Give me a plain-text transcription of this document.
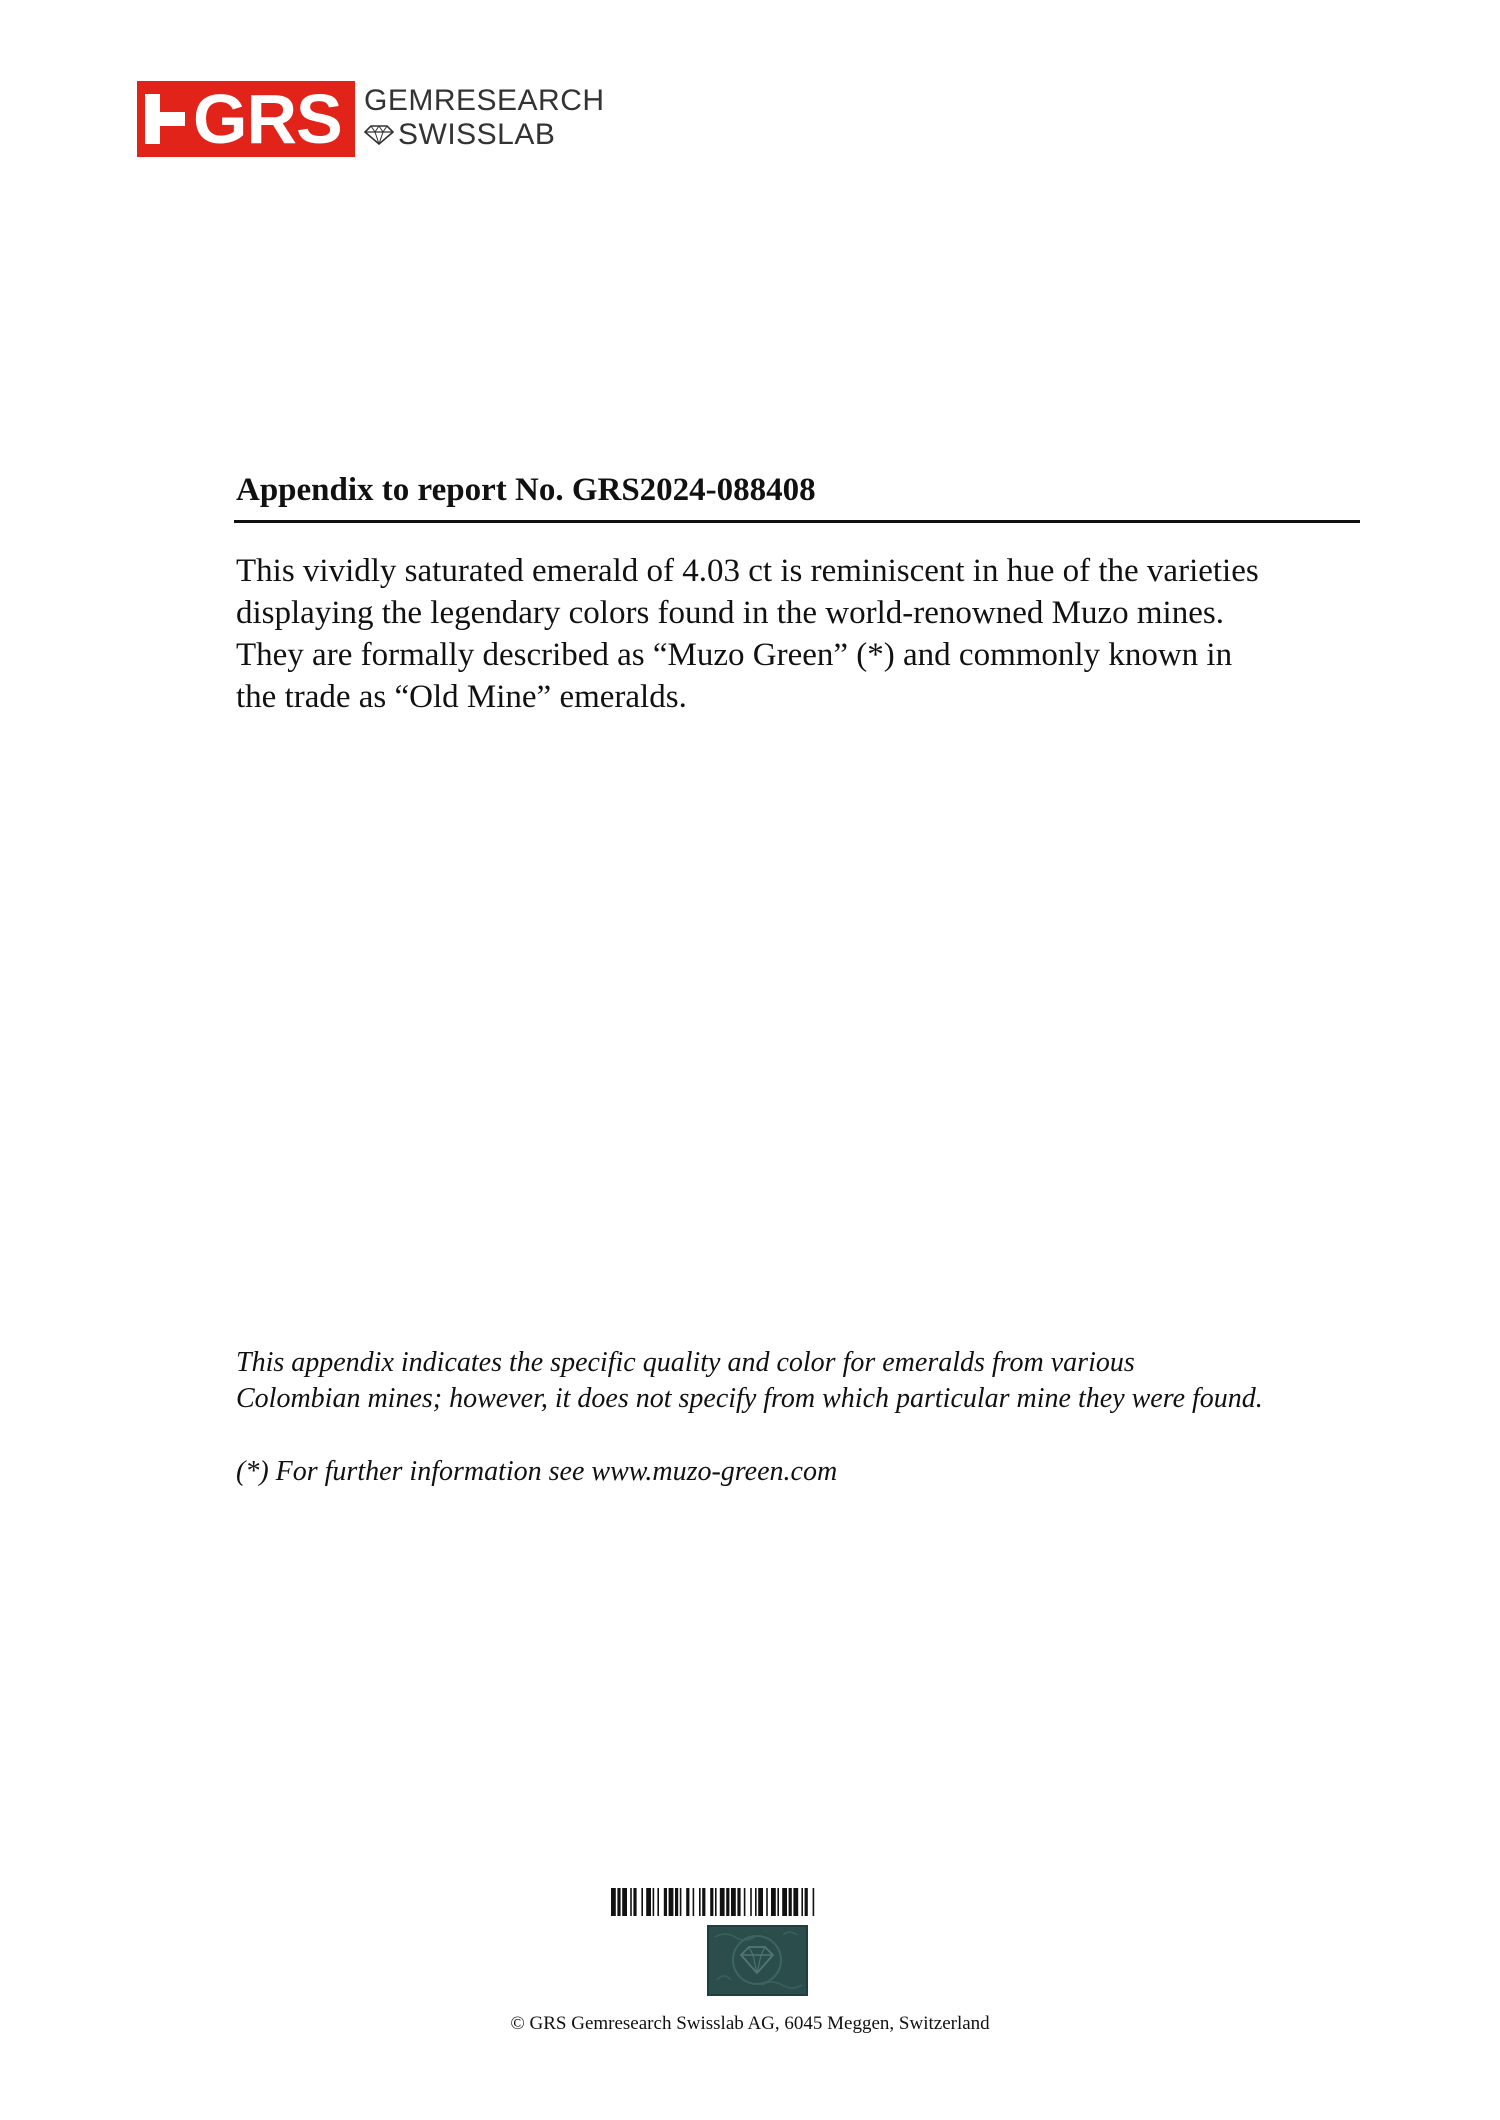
GRS GEMRESEARCH
SWISSLAB
Appendix to report No. GRS2024-088408

This vividly saturated emerald of 4.03 ct is reminiscent in hue of the varieties
displaying the legendary colors found in the world-renowned Muzo mines.
They are formally described as “Muzo Green” (*) and commonly known in
the trade as “Old Mine” emeralds.

This appendix indicates the specific quality and color for emeralds from various
Colombian mines; however, it does not specify from which particular mine they were found.

(*) For further information see www.muzo-green.com

© GRS Gemresearch Swisslab AG, 6045 Meggen, Switzerland
